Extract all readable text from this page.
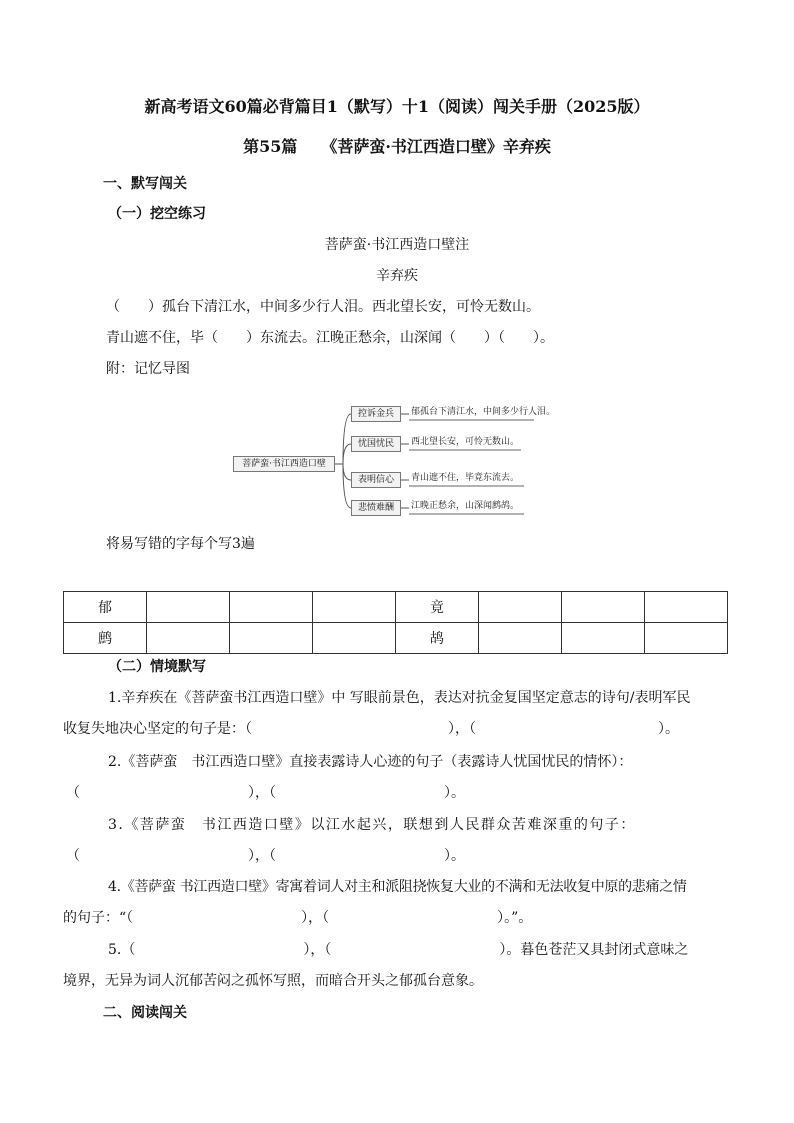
新高考语文60篇必背篇目1（默写）十1（阅读）闯关手册（2025版）
第55篇　　《菩萨蛮·书江西造口壁》辛弃疾
一、默写闯关
（一）挖空练习
菩萨蛮·书江西造口壁注
辛弃疾
（　　）孤台下清江水，中间多少行人泪。西北望长安，可怜无数山。
青山遮不住，毕（　　）东流去。江晚正愁余，山深闻（　　）（　　）。
附：记忆导图
菩萨蛮·书江西造口壁
控诉金兵
忧国忧民
表明信心
悲愤难酬
郁孤台下清江水，中间多少行人泪。
西北望长安，可怜无数山。
青山遮不住，毕竟东流去。
江晚正愁余，山深闻鹧鸪。
将易写错的字每个写3遍
郁				竟			
鹧				鸪			
（二）情境默写
1.辛弃疾在《菩萨蛮书江西造口壁》中 写眼前景色，表达对抗金复国坚定意志的诗句/表明军民
收复失地决心坚定的句子是：（　　　　　　　　　　　　　　），（　　　　　　　　　　　　　）。
2.《菩萨蛮　书江西造口壁》直接表露诗人心迹的句子（表露诗人忧国忧民的情怀）：
（　　　　　　　　　　　　），（　　　　　　　　　　　　）。
3.《菩萨蛮　书江西造口壁》以江水起兴，联想到人民群众苦难深重的句子：
（　　　　　　　　　　　　），（　　　　　　　　　　　　）。
4.《菩萨蛮 书江西造口壁》寄寓着词人对主和派阻挠恢复大业的不满和无法收复中原的悲痛之情
的句子：“（　　　　　　　　　　　　），（　　　　　　　　　　　　）。”。
5.（　　　　　　　　　　　　），（　　　　　　　　　　　　）。暮色苍茫又具封闭式意味之
境界，无异为词人沉郁苦闷之孤怀写照，而暗合开头之郁孤台意象。
二、阅读闯关
